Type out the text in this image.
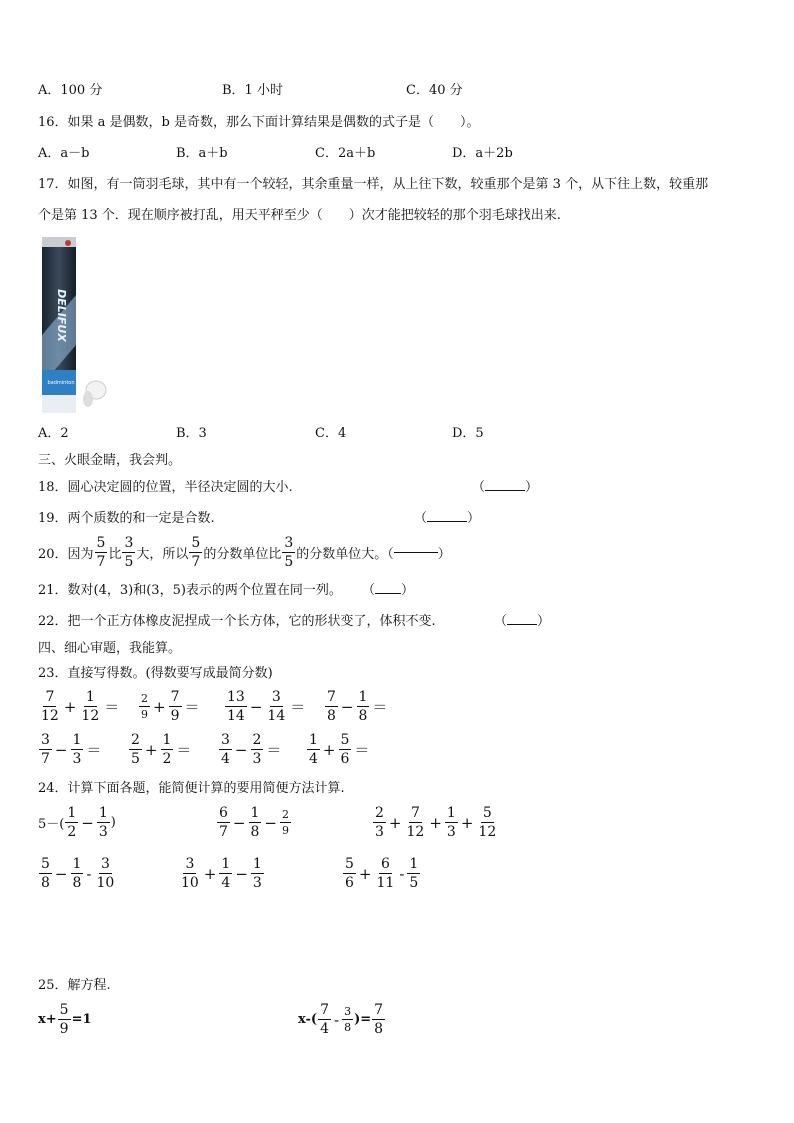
A．100 分	B．1 小时	C．40 分
16．如果 a 是偶数，b 是奇数，那么下面计算结果是偶数的式子是（　　）。
A．a－b	B．a＋b	C．2a＋b	D．a＋2b
17．如图，有一筒羽毛球，其中有一个较轻，其余重量一样，从上往下数，较重那个是第 3 个，从下往上数，较重那
个是第 13 个．现在顺序被打乱，用天平秤至少（　　）次才能把较轻的那个羽毛球找出来.
DELIFUX
badminton
A．2	B．3	C．4	D．5
三、火眼金睛，我会判。
18．圆心决定圆的位置，半径决定圆的大小.	（	）
19．两个质数的和一定是合数.	（	）
20．因为 $\frac{5}{7}$ 比 $\frac{3}{5}$ 大，所以 $\frac{5}{7}$ 的分数单位比 $\frac{3}{5}$ 的分数单位大。（	）
21．数对(4，3)和(3，5)表示的两个位置在同一列。 （ ）
22．把一个正方体橡皮泥捏成一个长方体，它的形状变了，体积不变.	（ ）
四、细心审题，我能算。
23．直接写得数。(得数要写成最简分数)
$\frac{7}{12} + \frac{1}{12} = \frac{2}{9} + \frac{7}{9} = \frac{13}{14} - \frac{3}{14} = \frac{7}{8} - \frac{1}{8}$ ＝
$\frac{3}{7} - \frac{1}{3} = \frac{2}{5} + \frac{1}{2} = \frac{3}{4} - \frac{2}{3} = \frac{1}{4} + \frac{5}{6}$ ＝
24．计算下面各题，能简便计算的要用简便方法计算.
$5-( \frac{1}{2} - \frac{1}{3}$ )	$\frac{6}{7} - \frac{1}{8} - \frac{2}{9}$	$\frac{2}{3} + \frac{7}{12} + \frac{1}{3} + \frac{5}{12}$
$\frac{5}{8} - \frac{1}{8} - \frac{3}{10}$	$\frac{3}{10} + \frac{1}{4} - \frac{1}{3}$	$\frac{5}{6} + \frac{6}{11} - \frac{1}{5}$
25．解方程.
$x+ \frac{5}{9} =1$	$x-( \frac{7}{4} - \frac{3}{8}$ )= $\frac{7}{8}$
